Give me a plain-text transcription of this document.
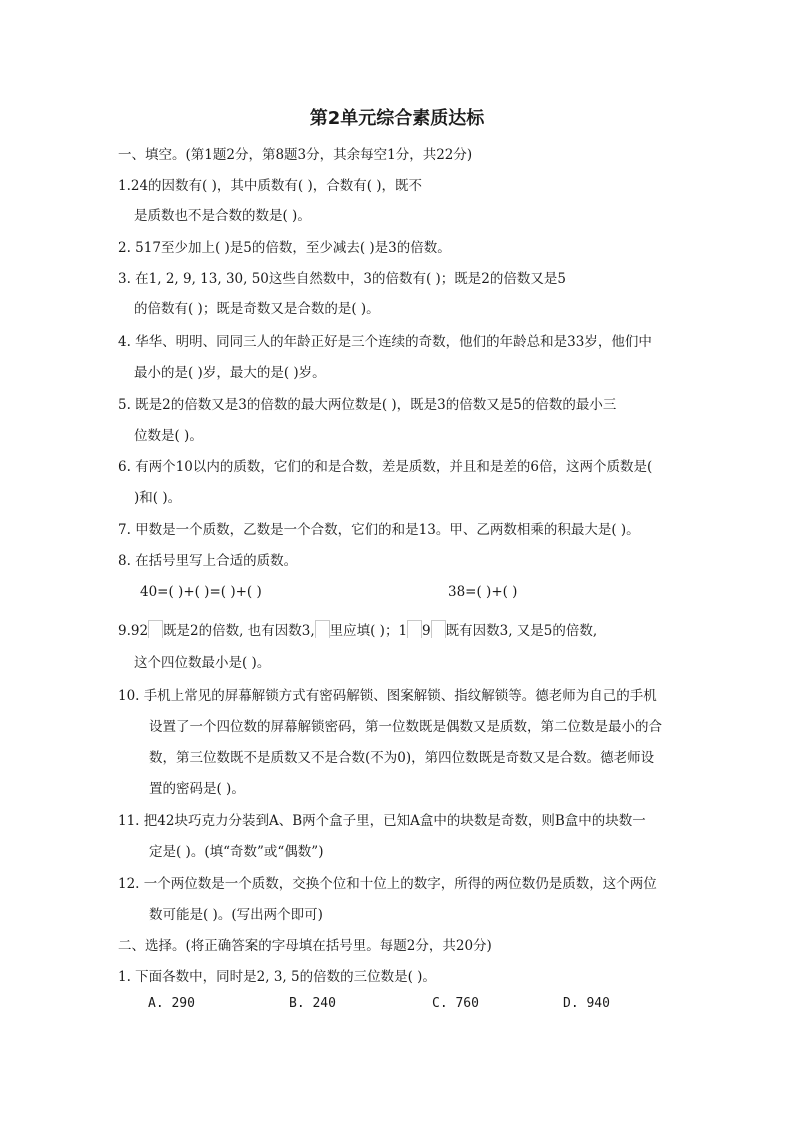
第2单元综合素质达标
一、填空。(第1题2分，第8题3分，其余每空1分，共22分)
1.24的因数有( )，其中质数有( )，合数有( )，既不
是质数也不是合数的数是( )。
2. 517至少加上( )是5的倍数，至少减去( )是3的倍数。
3. 在1, 2, 9, 13, 30, 50这些自然数中，3的倍数有( )；既是2的倍数又是5
的倍数有( )；既是奇数又是合数的是( )。
4. 华华、明明、同同三人的年龄正好是三个连续的奇数，他们的年龄总和是33岁，他们中
最小的是( )岁，最大的是( )岁。
5. 既是2的倍数又是3的倍数的最大两位数是( )，既是3的倍数又是5的倍数的最小三
位数是( )。
6. 有两个10以内的质数，它们的和是合数，差是质数，并且和是差的6倍，这两个质数是(
)和( )。
7. 甲数是一个质数，乙数是一个合数，它们的和是13。甲、乙两数相乘的积最大是( )。
8. 在括号里写上合适的质数。
40=( )+( )=( )+( )	38=( )+( )
9.92 既是2的倍数, 也有因数3, 里应填( )；1 9 既有因数3, 又是5的倍数,
这个四位数最小是( )。
10. 手机上常见的屏幕解锁方式有密码解锁、图案解锁、指纹解锁等。德老师为自己的手机
设置了一个四位数的屏幕解锁密码，第一位数既是偶数又是质数，第二位数是最小的合
数，第三位数既不是质数又不是合数(不为0)，第四位数既是奇数又是合数。德老师设
置的密码是( )。
11. 把42块巧克力分装到A、B两个盒子里，已知A盒中的块数是奇数，则B盒中的块数一
定是( )。(填“奇数”或“偶数”)
12. 一个两位数是一个质数，交换个位和十位上的数字，所得的两位数仍是质数，这个两位
数可能是( )。(写出两个即可)
二、选择。(将正确答案的字母填在括号里。每题2分，共20分)
1. 下面各数中，同时是2, 3, 5的倍数的三位数是( )。
A. 290	B. 240	C. 760	D. 940
